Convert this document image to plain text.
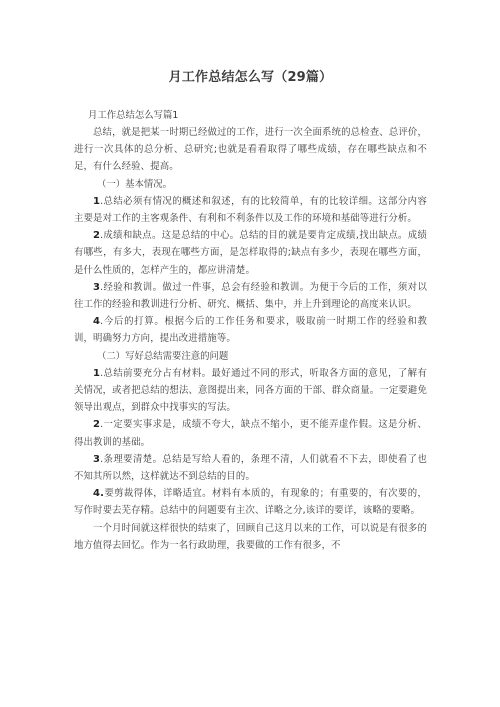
月工作总结怎么写（29篇）
月工作总结怎么写篇1

总结，就是把某一时期已经做过的工作，进行一次全面系统的总检查、总评价，进行一次具体的总分析、总研究;也就是看看取得了哪些成绩，存在哪些缺点和不足，有什么经验、提高。

（一）基本情况。

1.总结必须有情况的概述和叙述，有的比较简单，有的比较详细。这部分内容主要是对工作的主客观条件、有利和不利条件以及工作的环境和基础等进行分析。

2.成绩和缺点。这是总结的中心。总结的目的就是要肯定成绩,找出缺点。成绩有哪些，有多大，表现在哪些方面，是怎样取得的;缺点有多少，表现在哪些方面，是什么性质的，怎样产生的，都应讲清楚。

3.经验和教训。做过一件事，总会有经验和教训。为便于今后的工作，须对以往工作的经验和教训进行分析、研究、概括、集中，并上升到理论的高度来认识。

4.今后的打算。根据今后的工作任务和要求，吸取前一时期工作的经验和教训，明确努力方向，提出改进措施等。

（二）写好总结需要注意的问题

1.总结前要充分占有材料。最好通过不同的形式，听取各方面的意见，了解有关情况，或者把总结的想法、意图提出来，同各方面的干部、群众商量。一定要避免领导出观点，到群众中找事实的写法。

2.一定要实事求是，成绩不夸大，缺点不缩小，更不能弄虚作假。这是分析、得出教训的基础。

3.条理要清楚。总结是写给人看的，条理不清，人们就看不下去，即使看了也不知其所以然，这样就达不到总结的目的。

4.要剪裁得体，详略适宜。材料有本质的，有现象的；有重要的，有次要的，写作时要去芜存精。总结中的问题要有主次、详略之分,该详的要详，该略的要略。

一个月时间就这样很快的结束了，回顾自己这月以来的工作，可以说是有很多的地方值得去回忆。作为一名行政助理，我要做的工作有很多，不
